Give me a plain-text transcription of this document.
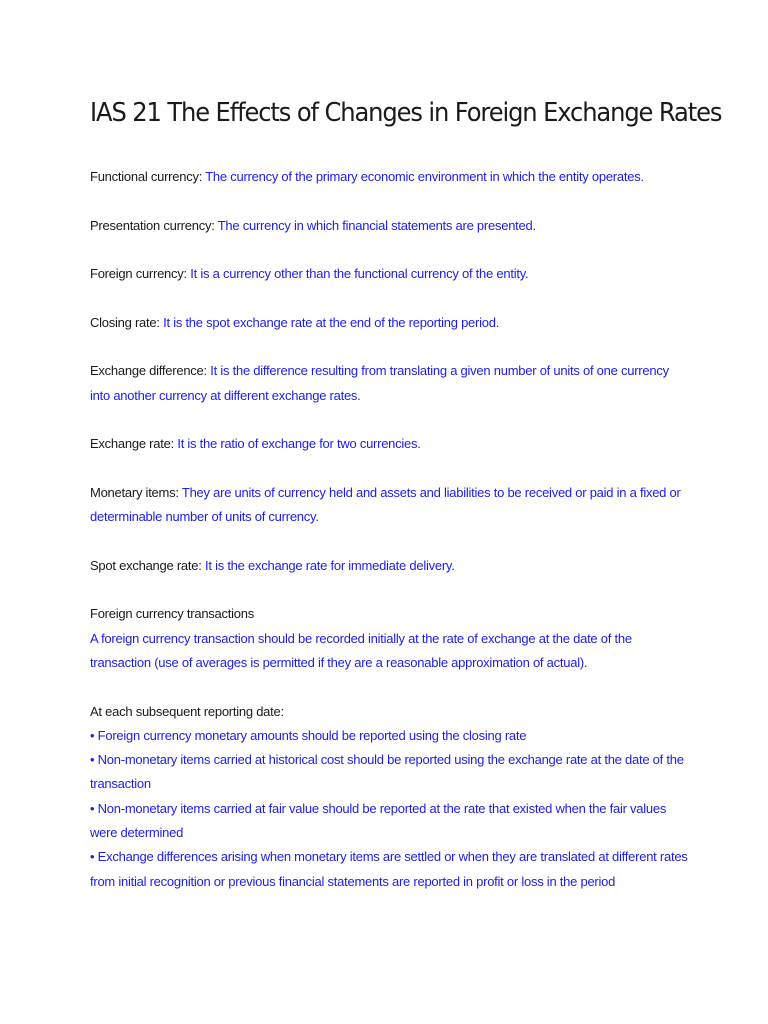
IAS 21 The Effects of Changes in Foreign Exchange Rates

Functional currency: The currency of the primary economic environment in which the entity operates.

Presentation currency: The currency in which financial statements are presented.

Foreign currency: It is a currency other than the functional currency of the entity.

Closing rate: It is the spot exchange rate at the end of the reporting period.

Exchange difference: It is the difference resulting from translating a given number of units of one currency into another currency at different exchange rates.

Exchange rate: It is the ratio of exchange for two currencies.

Monetary items: They are units of currency held and assets and liabilities to be received or paid in a fixed or determinable number of units of currency.

Spot exchange rate: It is the exchange rate for immediate delivery.

Foreign currency transactions
A foreign currency transaction should be recorded initially at the rate of exchange at the date of the transaction (use of averages is permitted if they are a reasonable approximation of actual).

At each subsequent reporting date:
• Foreign currency monetary amounts should be reported using the closing rate
• Non-monetary items carried at historical cost should be reported using the exchange rate at the date of the transaction
• Non-monetary items carried at fair value should be reported at the rate that existed when the fair values were determined
• Exchange differences arising when monetary items are settled or when they are translated at different rates from initial recognition or previous financial statements are reported in profit or loss in the period
